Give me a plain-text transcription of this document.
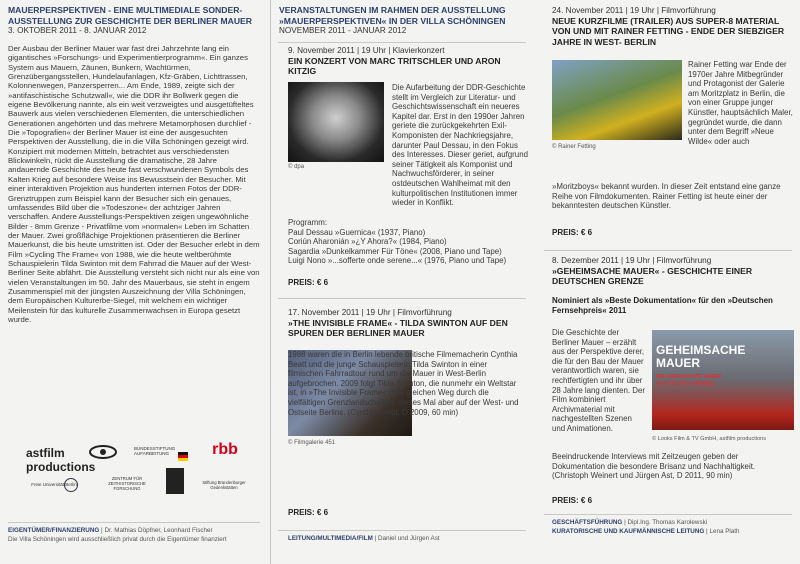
MAUERPERSPEKTIVEN - EINE MULTIMEDIALE SONDER-AUSSTELLUNG ZUR GESCHICHTE DER BERLINER MAUER

3. OKTOBER 2011 - 8. JANUAR 2012

Der Ausbau der Berliner Mauer war fast drei Jahrzehnte lang ein gigantisches »Forschungs- und Experimentierprogramm«. Ein ganzes System aus Mauern, Zäunen, Bunkern, Wachtürmen, Grenzübergangsstellen, Hundelaufanlagen, Kfz-Gräben, Lichttrassen, Kolonnenwegen, Panzersperren... Am Ende, 1989, zeigte sich der »antifaschistische Schutzwall«, wie die DDR ihr Bollwerk gegen die eigene Bevölkerung nannte, als ein weit verzweigtes und ausgetüfteltes Bauwerk aus vielen verschiedenen Elementen, die unterschiedlichen Generationen angehörten und das mehrere Metamorphosen durchlief - Die »Topografien« der Berliner Mauer ist eine der ausgesuchten Perspektiven der Ausstellung, die in die Villa Schöningen gezeigt wird. Konzipiert mit modernen Mitteln, betrachtet aus verschiedensten Blickwinkeln, rückt die Ausstellung die dramatische, 28 Jahre andauernde Geschichte des heute fast verschwundenen Symbols des Kalten Krieg auf besondere Weise ins Bewusstsein der Besucher. Mit einer interaktiven Projektion aus hunderten internen Fotos der DDR-Grenztruppen zum Beispiel kann der Besucher sich ein genaues, umfassendes Bild über die »Todeszone« der achtziger Jahren verschaffen. Andere Ausstellungs-Perspektiven zeigen ungewöhnliche Bilder - 8mm Grenze - Privatfilme vom »normalen« Leben im Schatten der Mauer. Zwei großflächige Projektionen präsentieren die Berliner Mauerkunst, die bis heute umstritten ist. Oder der Besucher erlebt in dem Film »Cycling The Frame« von 1988, wie die heute weltberühmte Schauspielerin Tilda Swinton mit dem Fahrrad die Mauer auf der West-Berliner Seite abfährt. Die Ausstellung versteht sich nicht nur als eine von vielen Veranstaltungen im 50. Jahr des Mauerbaus, sie steht in engem Zusammenspiel mit der jüngsten Auszeichnung der Villa Schöningen, dem Europäischen Kulturerbe-Siegel, mit welchem ein wichtiger Meilenstein für das kulturelle Zusammenwachsen in Europa gesetzt wurde.

astfilm productions
BUNDESSTIFTUNG AUFARBEITUNG	rbb
Freie Universität Berlin
ZENTRUM FÜR ZEITHISTORISCHE FORSCHUNG
Stiftung Brandenburger Gedenkstätten
EIGENTÜMER/FINANZIERUNG | Dr. Mathias Döpfner, Leonhard Fischer
Die Villa Schöningen wird ausschließlich privat durch die Eigentümer finanziert

VERANSTALTUNGEN IM RAHMEN DER AUSSTELLUNG »MAUERPERSPEKTIVEN« IN DER VILLA SCHÖNINGEN

NOVEMBER 2011 - JANUAR 2012

9. November 2011 | 19 Uhr | Klavierkonzert

EIN KONZERT VON MARC TRITSCHLER UND ARON KITZIG

© dpa

Die Aufarbeitung der DDR-Geschichte stellt im Vergleich zur Literatur- und Geschichtswissenschaft ein neueres Kapitel dar. Erst in den 1990er Jahren geriete die zurückgekehrten Exil-Komponisten der Nachkriegsjahre, darunter Paul Dessau, in den Fokus des Interesses. Dieser geriet, aufgrund seiner Tätigkeit als Komponist und Nachwuchsförderer, in seiner ostdeutschen Wahlheimat mit den kulturpolitischen Institutionen immer wieder in Konflikt.

Programm:

Paul Dessau »Guernica« (1937, Piano)

Coriún Aharonián »¿Y Ahora?« (1984, Piano)

Sagardia »Dunkelkammer Für Töne« (2008, Piano und Tape)

Luigi Nono »...sofferte onde serene...« (1976, Piano und Tape)

PREIS: € 6

17. November 2011 | 19 Uhr | Filmvorführung

»THE INVISIBLE FRAME« - TILDA SWINTON AUF DEN SPUREN DER BERLINER MAUER

© Filmgalerie 451

1988 waren die in Berlin lebende britische Filmemacherin Cynthia Beatt und die junge Schauspielerin Tilda Swinton in einer filmischen Fahrradtour rund um die Mauer in West-Berlin aufgebrochen. 2009 folgt Tilda Swinton, die nunmehr ein Weltstar ist, in »The Invisible Frame« dem gleichen Weg durch die vielfältigen Grenzlandschaften, dieses Mal aber auf der West- und Ostseite Berlins. (Cynthia Beatt, D 2009, 60 min)

PREIS: € 6

LEITUNG/MULTIMEDIA/FILM | Daniel und Jürgen Ast

24. November 2011 | 19 Uhr | Filmvorführung

NEUE KURZFILME (TRAILER) AUS SUPER-8 MATERIAL VON UND MIT RAINER FETTING - ENDE DER SIEBZIGER JAHRE IN WEST- BERLIN

© Rainer Fetting

Rainer Fetting war Ende der 1970er Jahre Mitbegründer und Protagonist der Galerie am Moritzplatz in Berlin, die von einer Gruppe junger Künstler, hauptsächlich Maler, gegründet wurde, die dann unter dem Begriff »Neue Wilde« oder auch

»Moritzboys« bekannt wurden. In dieser Zeit entstand eine ganze Reihe von Filmdokumenten. Rainer Fetting ist heute einer der bekanntesten deutschen Künstler.

PREIS: € 6

8. Dezember 2011 | 19 Uhr | Filmvorführung

»GEHEIMSACHE MAUER« - GESCHICHTE EINER DEUTSCHEN GRENZE

Nominiert als »Beste Dokumentation« für den »Deutschen Fernsehpreis« 2011

Die Geschichte der Berliner Mauer – erzählt aus der Perspektive derer, die für den Bau der Mauer verantwortlich waren, sie rechtfertigten und ihr über 28 Jahre lang dienten. Der Film kombiniert Archivmaterial mit nachgestellten Szenen und Animationen.

GEHEIMSACHE MAUER
DIE GESCHICHTE EINER DEUTSCHEN GRENZE
© Looks Film & TV GmbH, astfilm productions

Beeindruckende Interviews mit Zeitzeugen geben der Dokumentation die besondere Brisanz und Nachhaltigkeit. (Christoph Weinert und Jürgen Ast, D 2011, 90 min)

PREIS: € 6

GESCHÄFTSFÜHRUNG | Dipl.Ing. Thomas Karolewski
KURATORISCHE UND KAUFMÄNNISCHE LEITUNG | Lena Plath
